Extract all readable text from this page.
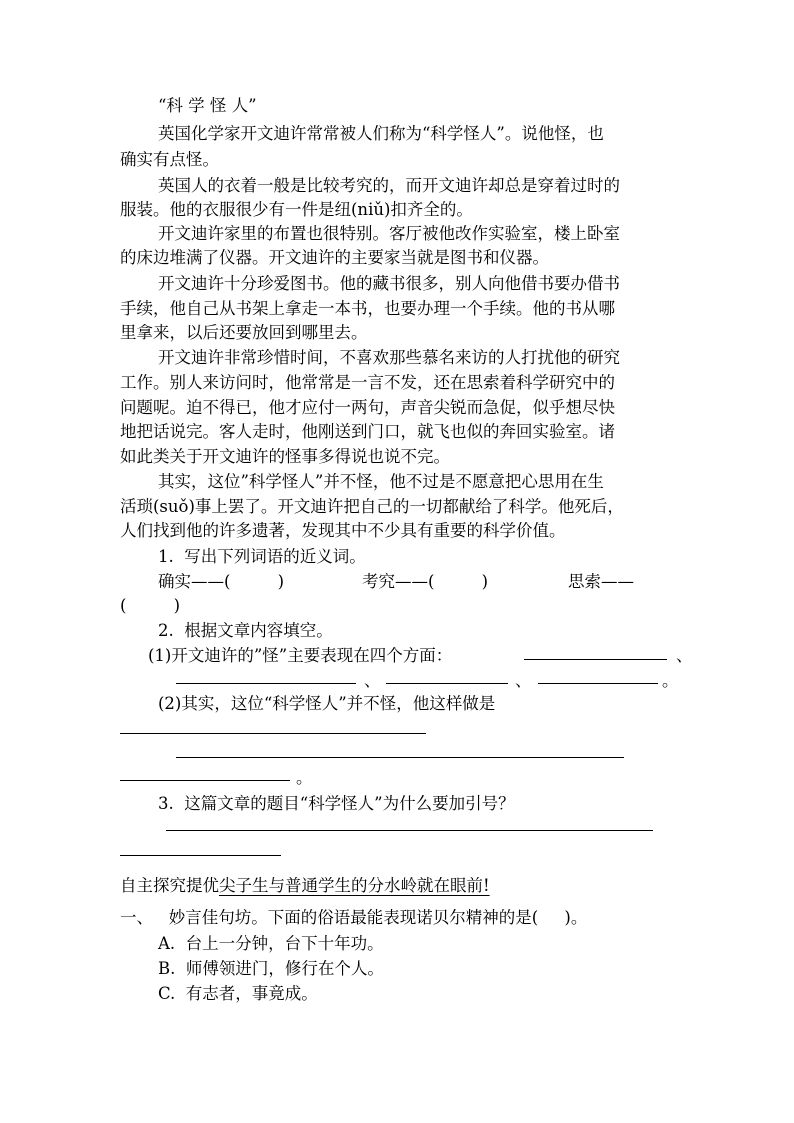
“科 学 怪 人”
英国化学家开文迪许常常被人们称为“科学怪人”。说他怪，也
确实有点怪。
英国人的衣着一般是比较考究的，而开文迪许却总是穿着过时的
服装。他的衣服很少有一件是纽(niǔ)扣齐全的。
开文迪许家里的布置也很特别。客厅被他改作实验室，楼上卧室
的床边堆满了仪器。开文迪许的主要家当就是图书和仪器。
开文迪许十分珍爱图书。他的藏书很多，别人向他借书要办借书
手续，他自己从书架上拿走一本书，也要办理一个手续。他的书从哪
里拿来，以后还要放回到哪里去。
开文迪许非常珍惜时间，不喜欢那些慕名来访的人打扰他的研究
工作。别人来访问时，他常常是一言不发，还在思索着科学研究中的
问题呢。迫不得已，他才应付一两句，声音尖锐而急促，似乎想尽快
地把话说完。客人走时，他刚送到门口，就飞也似的奔回实验室。诸
如此类关于开文迪许的怪事多得说也说不完。
其实，这位”科学怪人”并不怪，他不过是不愿意把心思用在生
活琐(suǒ)事上罢了。开文迪许把自己的一切都献给了科学。他死后，
人们找到他的许多遗著，发现其中不少具有重要的科学价值。
1.  写出下列词语的近义词。
确实——(         )	考究——(         )	思索——
(         )
2.  根据文章内容填空。
(1)开文迪许的”怪”主要表现在四个方面：	、
、	、	。
(2)其实，这位“科学怪人”并不怪，他这样做是
。
3.  这篇文章的题目“科学怪人”为什么要加引号？
自主探究提优尖子生与普通学生的分水岭就在眼前!
一、   妙言佳句坊。下面的俗语最能表现诺贝尔精神的是(     )。
A.  台上一分钟，台下十年功。
B.  师傅领进门，修行在个人。
C.  有志者，事竟成。
